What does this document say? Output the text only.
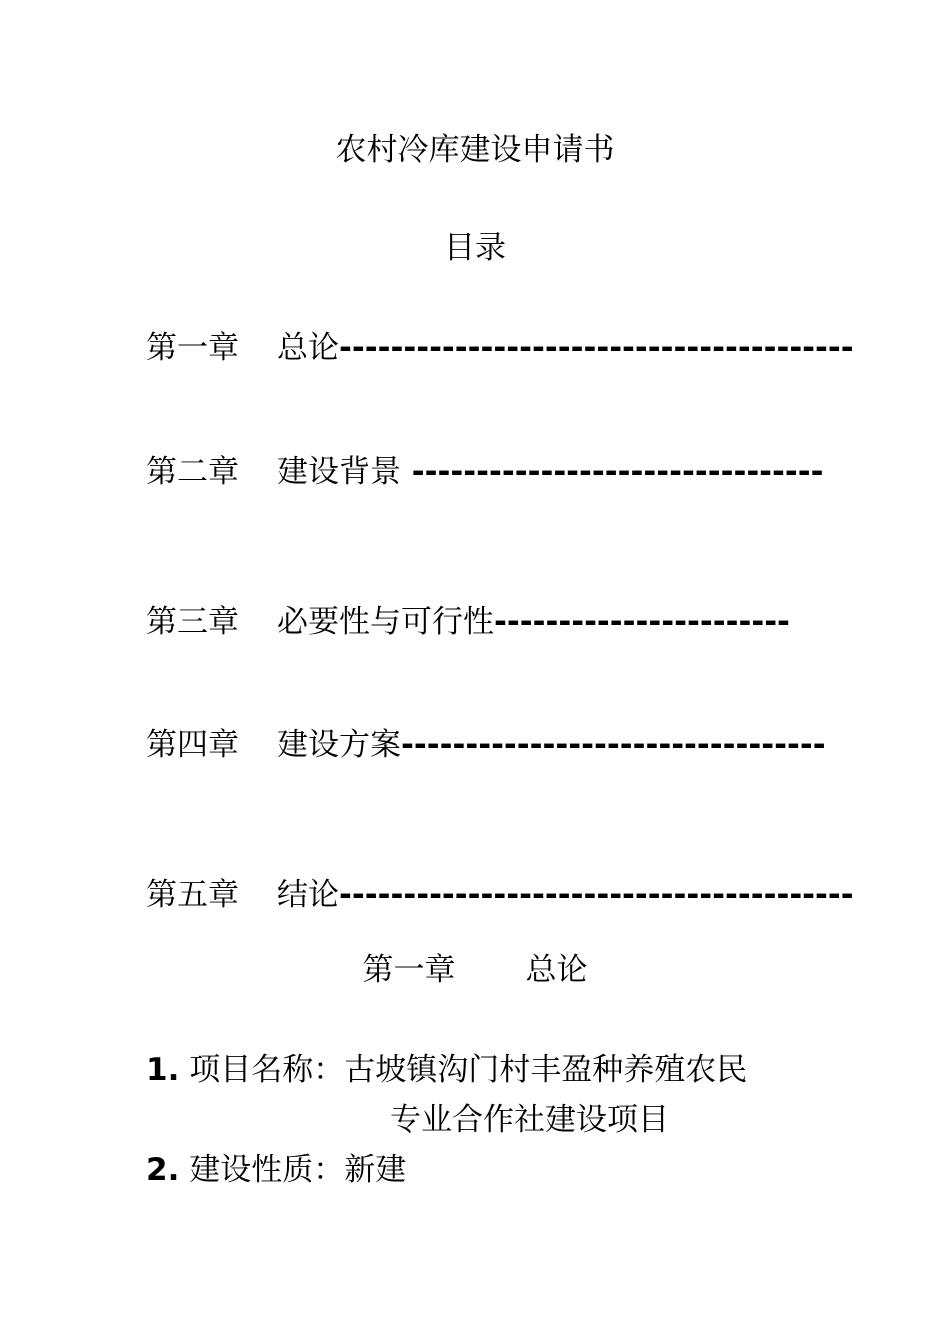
农村冷库建设申请书
目录
第一章 总论----------------------------------------
第二章 建设背景 --------------------------------
第三章 必要性与可行性-----------------------
第四章 建设方案---------------------------------
第五章 结论----------------------------------------
第一章 总论
1. 项目名称：古坡镇沟门村丰盈种养殖农民
专业合作社建设项目
2. 建设性质：新建
